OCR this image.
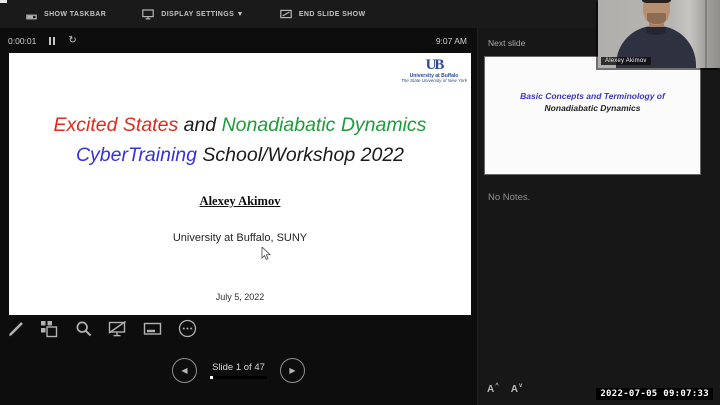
SHOW TASKBAR	DISPLAY SETTINGS ▼	END SLIDE SHOW
0:00:01	↻	9:07 AM
UB
University at Buffalo
The State University of New York
Excited States and Nonadiabatic Dynamics
CyberTraining School/Workshop 2022
Alexey Akimov
University at Buffalo, SUNY
July 5, 2022
◀	Slide 1 of 47	▶
Next slide
Basic Concepts and Terminology of
Nonadiabatic Dynamics
No Notes.
A ^ A v
Alexey Akimov
2022-07-05 09:07:33
